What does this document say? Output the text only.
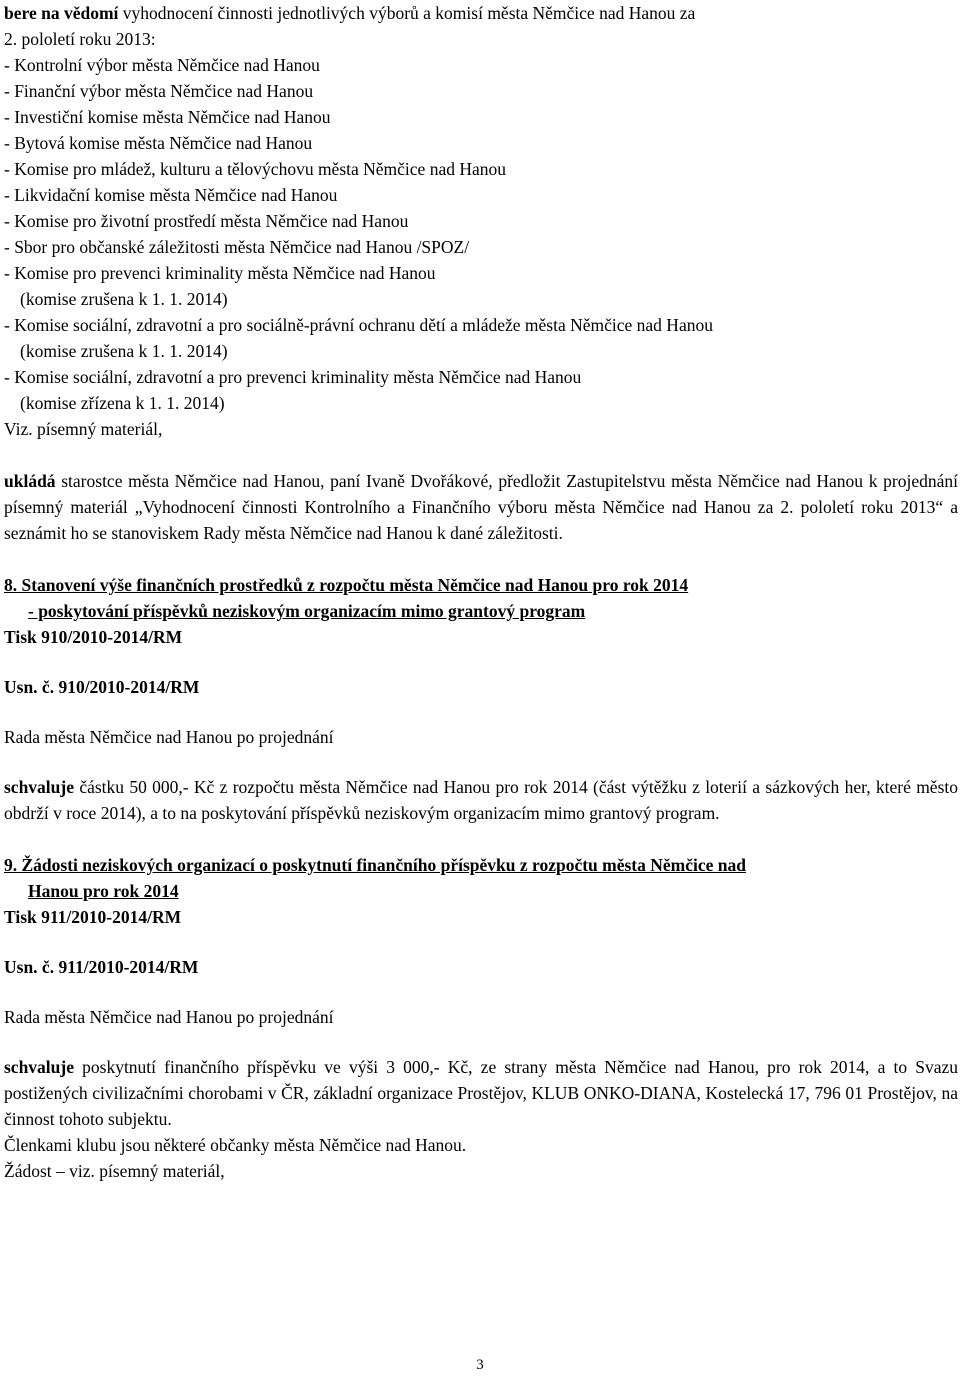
bere na vědomí vyhodnocení činnosti jednotlivých výborů a komisí města Němčice nad Hanou za
2. pololetí roku 2013:
- Kontrolní výbor města Němčice nad Hanou
- Finanční výbor města Němčice nad Hanou
- Investiční komise města Němčice nad Hanou
- Bytová komise města Němčice nad Hanou
- Komise pro mládež, kulturu a tělovýchovu města Němčice nad Hanou
- Likvidační komise města Němčice nad Hanou
- Komise pro životní prostředí města Němčice nad Hanou
- Sbor pro občanské záležitosti města Němčice nad Hanou /SPOZ/
- Komise pro prevenci kriminality města Němčice nad Hanou
(komise zrušena k 1. 1. 2014)
- Komise sociální, zdravotní a pro sociálně-právní ochranu dětí a mládeže města Němčice nad Hanou
(komise zrušena k 1. 1. 2014)
- Komise sociální, zdravotní a pro prevenci kriminality města Němčice nad Hanou
(komise zřízena k 1. 1. 2014)
Viz. písemný materiál,
ukládá starostce města Němčice nad Hanou, paní Ivaně Dvořákové, předložit Zastupitelstvu města Němčice nad Hanou k projednání písemný materiál „Vyhodnocení činnosti Kontrolního a Finančního výboru města Němčice nad Hanou za 2. pololetí roku 2013“ a seznámit ho se stanoviskem Rady města Němčice nad Hanou k dané záležitosti.
8. Stanovení výše finančních prostředků z rozpočtu města Němčice nad Hanou pro rok 2014
- poskytování příspěvků neziskovým organizacím mimo grantový program
Tisk 910/2010-2014/RM
Usn. č. 910/2010-2014/RM
Rada města Němčice nad Hanou po projednání
schvaluje částku 50 000,- Kč z rozpočtu města Němčice nad Hanou pro rok 2014 (část výtěžku z loterií a sázkových her, které město obdrží v roce 2014), a to na poskytování příspěvků neziskovým organizacím mimo grantový program.
9. Žádosti neziskových organizací o poskytnutí finančního příspěvku z rozpočtu města Němčice nad
Hanou pro rok 2014
Tisk 911/2010-2014/RM
Usn. č. 911/2010-2014/RM
Rada města Němčice nad Hanou po projednání
schvaluje poskytnutí finančního příspěvku ve výši 3 000,- Kč, ze strany města Němčice nad Hanou, pro rok 2014, a to Svazu postižených civilizačními chorobami v ČR, základní organizace Prostějov, KLUB ONKO-DIANA, Kostelecká 17, 796 01 Prostějov, na činnost tohoto subjektu.
Členkami klubu jsou některé občanky města Němčice nad Hanou.
Žádost – viz. písemný materiál,
3
